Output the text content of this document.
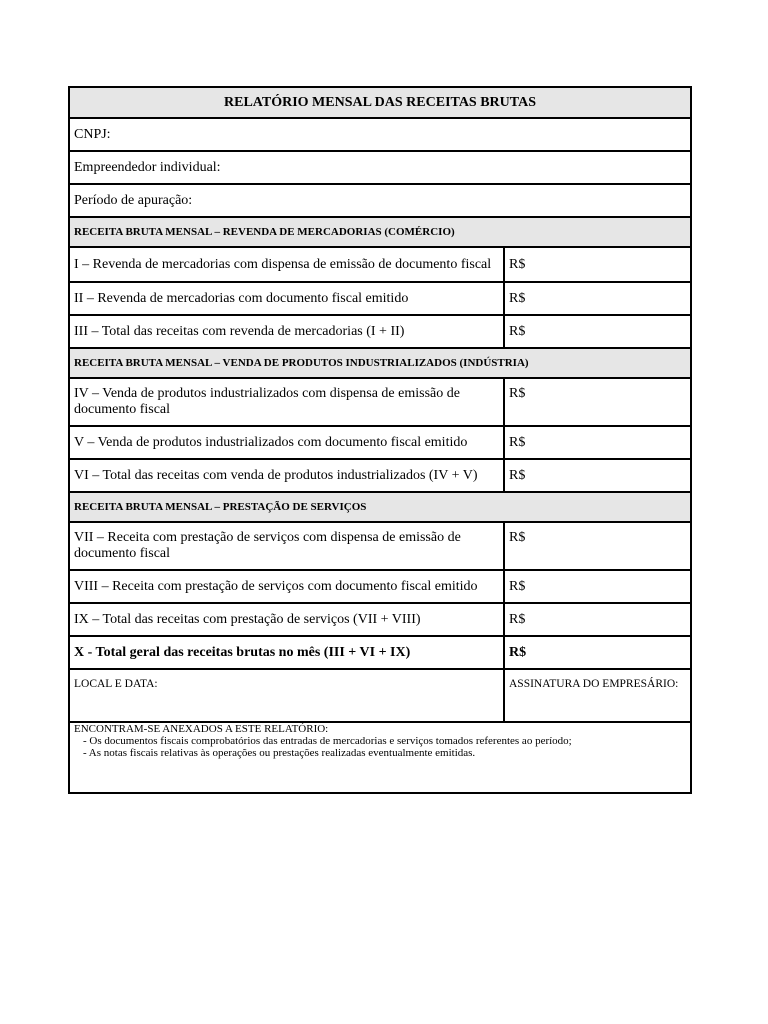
RELATÓRIO MENSAL DAS RECEITAS BRUTAS	
CNPJ:	
Empreendedor individual:	
Período de apuração:	
RECEITA BRUTA MENSAL – REVENDA DE MERCADORIAS (COMÉRCIO)	
I – Revenda de mercadorias com dispensa de emissão de documento fiscal	R$
II – Revenda de mercadorias com documento fiscal emitido	R$
III – Total das receitas com revenda de mercadorias (I + II)	R$
RECEITA BRUTA MENSAL – VENDA DE PRODUTOS INDUSTRIALIZADOS (INDÚSTRIA)	
IV – Venda de produtos industrializados com dispensa de emissão de documento fiscal	R$
V – Venda de produtos industrializados com documento fiscal emitido	R$
VI – Total das receitas com venda de produtos industrializados (IV + V)	R$
RECEITA BRUTA MENSAL – PRESTAÇÃO DE SERVIÇOS	
VII – Receita com prestação de serviços com dispensa de emissão de documento fiscal	R$
VIII – Receita com prestação de serviços com documento fiscal emitido	R$
IX – Total das receitas com prestação de serviços (VII + VIII)	R$
X - Total geral das receitas brutas no mês (III + VI + IX)	R$
LOCAL E DATA:	ASSINATURA DO EMPRESÁRIO:

ENCONTRAM-SE ANEXADOS A ESTE RELATÓRIO:
- Os documentos fiscais comprobatórios das entradas de mercadorias e serviços tomados referentes ao período;
- As notas fiscais relativas às operações ou prestações realizadas eventualmente emitidas.	
